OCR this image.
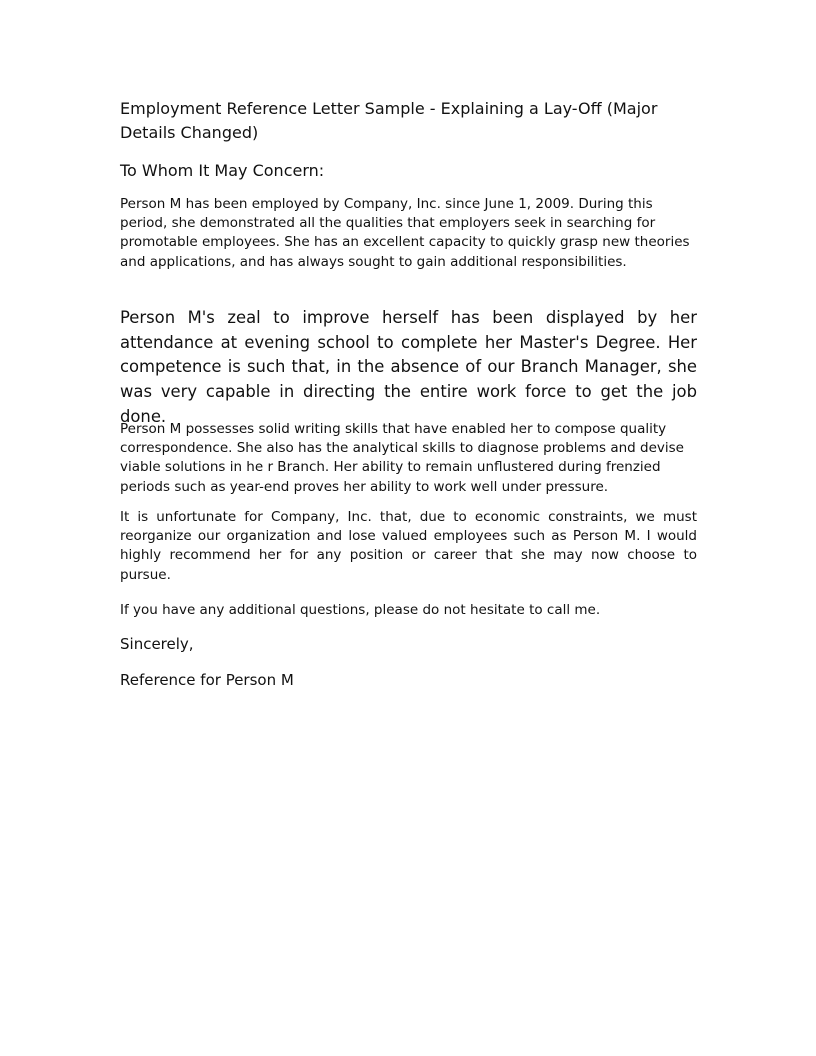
Employment Reference Letter Sample - Explaining a Lay-Off (Major Details Changed)

To Whom It May Concern:

Person M has been employed by Company, Inc. since June 1, 2009. During this period, she demonstrated all the qualities that employers seek in searching for promotable employees. She has an excellent capacity to quickly grasp new theories and applications, and has always sought to gain additional responsibilities.

Person M's zeal to improve herself has been displayed by her attendance at evening school to complete her Master's Degree. Her competence is such that, in the absence of our Branch Manager, she was very capable in directing the entire work force to get the job done.

Person M possesses solid writing skills that have enabled her to compose quality correspondence. She also has the analytical skills to diagnose problems and devise viable solutions in he r Branch. Her ability to remain unflustered during frenzied periods such as year-end proves her ability to work well under pressure.

It is unfortunate for Company, Inc. that, due to economic constraints, we must reorganize our organization and lose valued employees such as Person M. I would highly recommend her for any position or career that she may now choose to pursue.

If you have any additional questions, please do not hesitate to call me.

Sincerely,

Reference for Person M
